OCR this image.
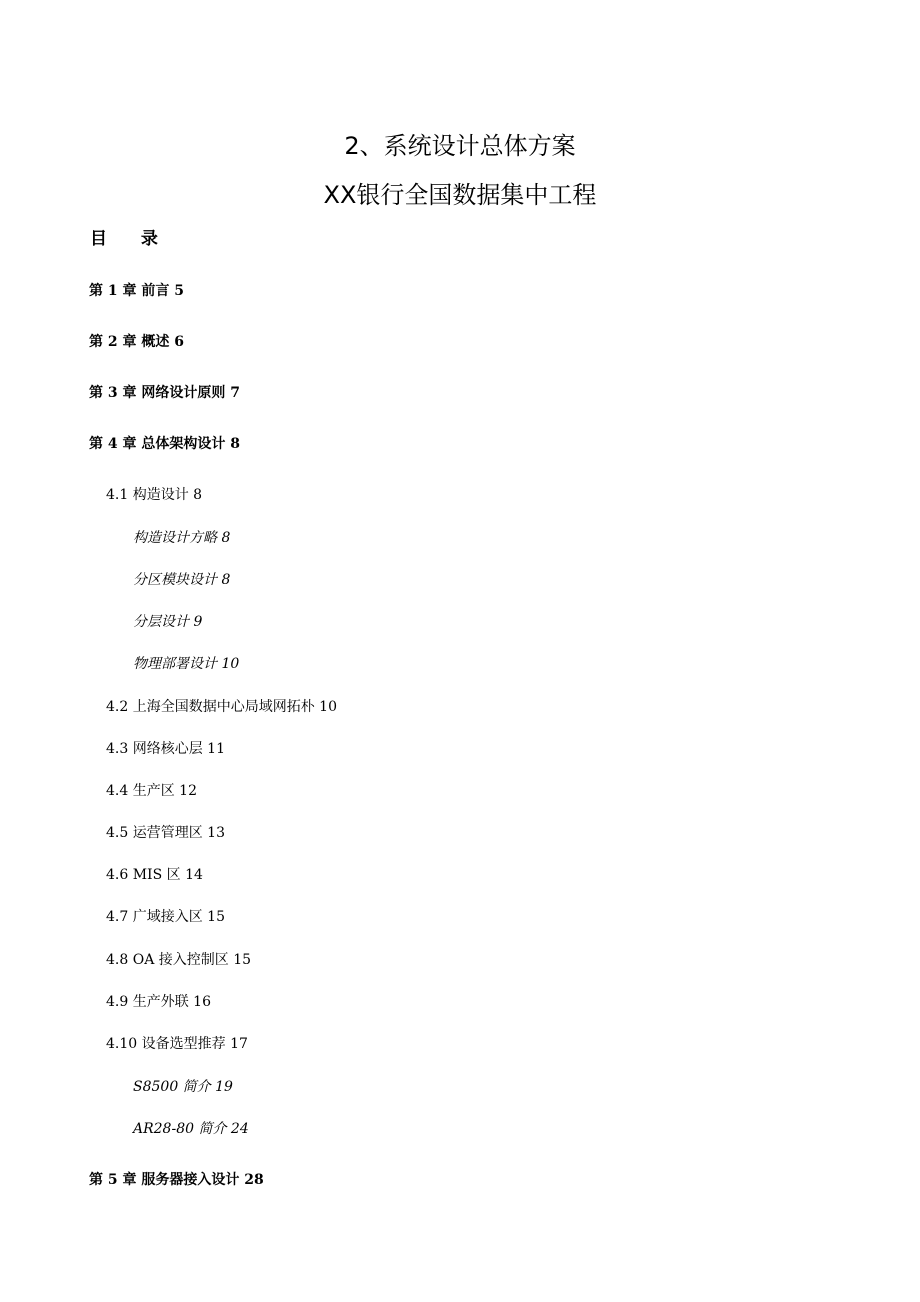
2、系统设计总体方案
XX银行全国数据集中工程
目 录
第 1 章 前言 5
第 2 章 概述 6
第 3 章 网络设计原则 7
第 4 章 总体架构设计 8
4.1 构造设计 8
构造设计方略 8
分区模块设计 8
分层设计 9
物理部署设计 10
4.2 上海全国数据中心局域网拓朴 10
4.3 网络核心层 11
4.4 生产区 12
4.5 运营管理区 13
4.6 MIS 区 14
4.7 广域接入区 15
4.8 OA 接入控制区 15
4.9 生产外联 16
4.10 设备选型推荐 17
S8500 简介 19
AR28-80 简介 24
第 5 章 服务器接入设计 28
